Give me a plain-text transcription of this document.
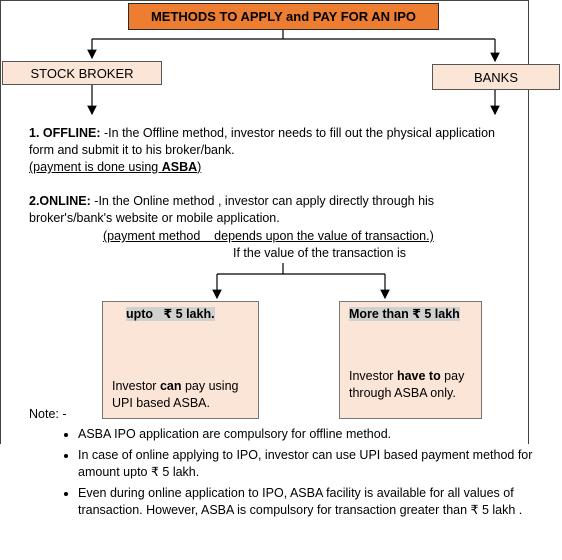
METHODS TO APPLY and PAY FOR AN IPO
STOCK BROKER	BANKS
1. OFFLINE: -In the Offline method, investor needs to fill out the physical application
form and submit it to his broker/bank.
(payment is done using ASBA)
2.ONLINE: -In the Online method , investor can apply directly through his
broker's/bank's website or mobile application.
(payment method    depends upon the value of transaction.)
If the value of the transaction is
upto   ₹ 5 lakh.
Investor can pay using
UPI based ASBA.
More than ₹ 5 lakh
Investor have to pay
through ASBA only.
Note: -
• ASBA IPO application are compulsory for offline method.
• In case of online applying to IPO, investor can use UPI based payment method for amount upto ₹ 5 lakh.
• Even during online application to IPO, ASBA facility is available for all values of transaction. However, ASBA is compulsory for transaction greater than ₹ 5 lakh .
